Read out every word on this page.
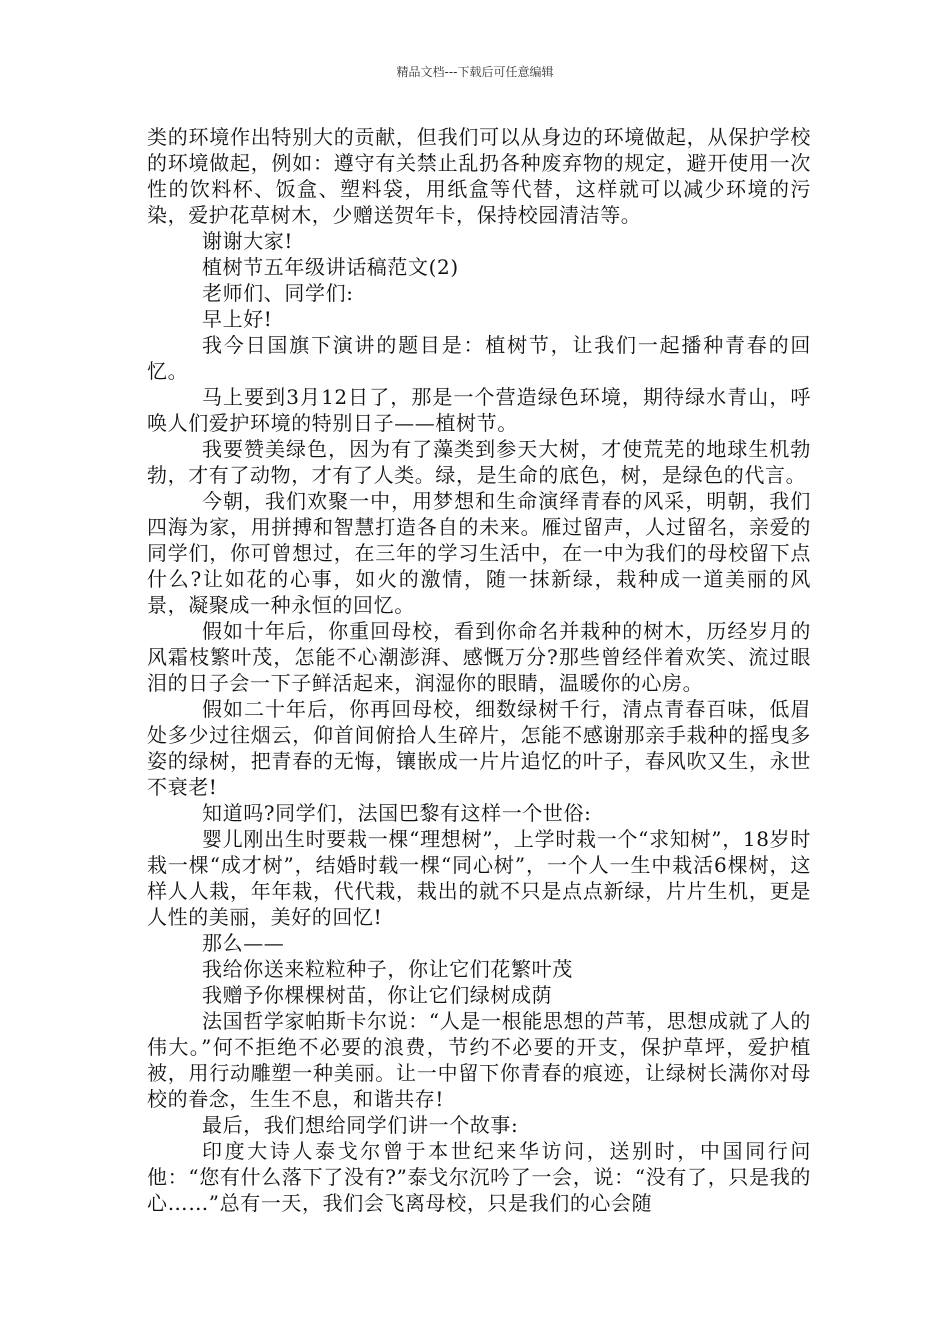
精品文档---下载后可任意编辑

类的环境作出特别大的贡献，但我们可以从身边的环境做起，从保护学校的环境做起，例如：遵守有关禁止乱扔各种废弃物的规定，避开使用一次性的饮料杯、饭盒、塑料袋，用纸盒等代替，这样就可以减少环境的污染，爱护花草树木，少赠送贺年卡，保持校园清洁等。

谢谢大家!

植树节五年级讲话稿范文(2)

老师们、同学们:

早上好!

我今日国旗下演讲的题目是：植树节，让我们一起播种青春的回忆。

马上要到3月12日了，那是一个营造绿色环境，期待绿水青山，呼唤人们爱护环境的特别日子——植树节。

我要赞美绿色，因为有了藻类到参天大树，才使荒芜的地球生机勃勃，才有了动物，才有了人类。绿，是生命的底色，树，是绿色的代言。

今朝，我们欢聚一中，用梦想和生命演绎青春的风采，明朝，我们四海为家，用拼搏和智慧打造各自的未来。雁过留声，人过留名，亲爱的同学们，你可曾想过，在三年的学习生活中，在一中为我们的母校留下点什么?让如花的心事，如火的激情，随一抹新绿，栽种成一道美丽的风景，凝聚成一种永恒的回忆。

假如十年后，你重回母校，看到你命名并栽种的树木，历经岁月的风霜枝繁叶茂，怎能不心潮澎湃、感慨万分?那些曾经伴着欢笑、流过眼泪的日子会一下子鲜活起来，润湿你的眼睛，温暖你的心房。

假如二十年后，你再回母校，细数绿树千行，清点青春百味，低眉处多少过往烟云，仰首间俯拾人生碎片，怎能不感谢那亲手栽种的摇曳多姿的绿树，把青春的无悔，镶嵌成一片片追忆的叶子，春风吹又生，永世不衰老!

知道吗?同学们，法国巴黎有这样一个世俗:

婴儿刚出生时要栽一棵“理想树”，上学时栽一个“求知树”，18岁时栽一棵“成才树”，结婚时载一棵“同心树”，一个人一生中栽活6棵树，这样人人栽，年年栽，代代栽，栽出的就不只是点点新绿，片片生机，更是人性的美丽，美好的回忆!

那么——

我给你送来粒粒种子，你让它们花繁叶茂

我赠予你棵棵树苗，你让它们绿树成荫

法国哲学家帕斯卡尔说：“人是一根能思想的芦苇，思想成就了人的伟大。”何不拒绝不必要的浪费，节约不必要的开支，保护草坪，爱护植被，用行动雕塑一种美丽。让一中留下你青春的痕迹，让绿树长满你对母校的眷念，生生不息，和谐共存!

最后，我们想给同学们讲一个故事:

印度大诗人泰戈尔曾于本世纪来华访问，送别时，中国同行问他：“您有什么落下了没有?”泰戈尔沉吟了一会，说：“没有了，只是我的心……”总有一天，我们会飞离母校，只是我们的心会随
